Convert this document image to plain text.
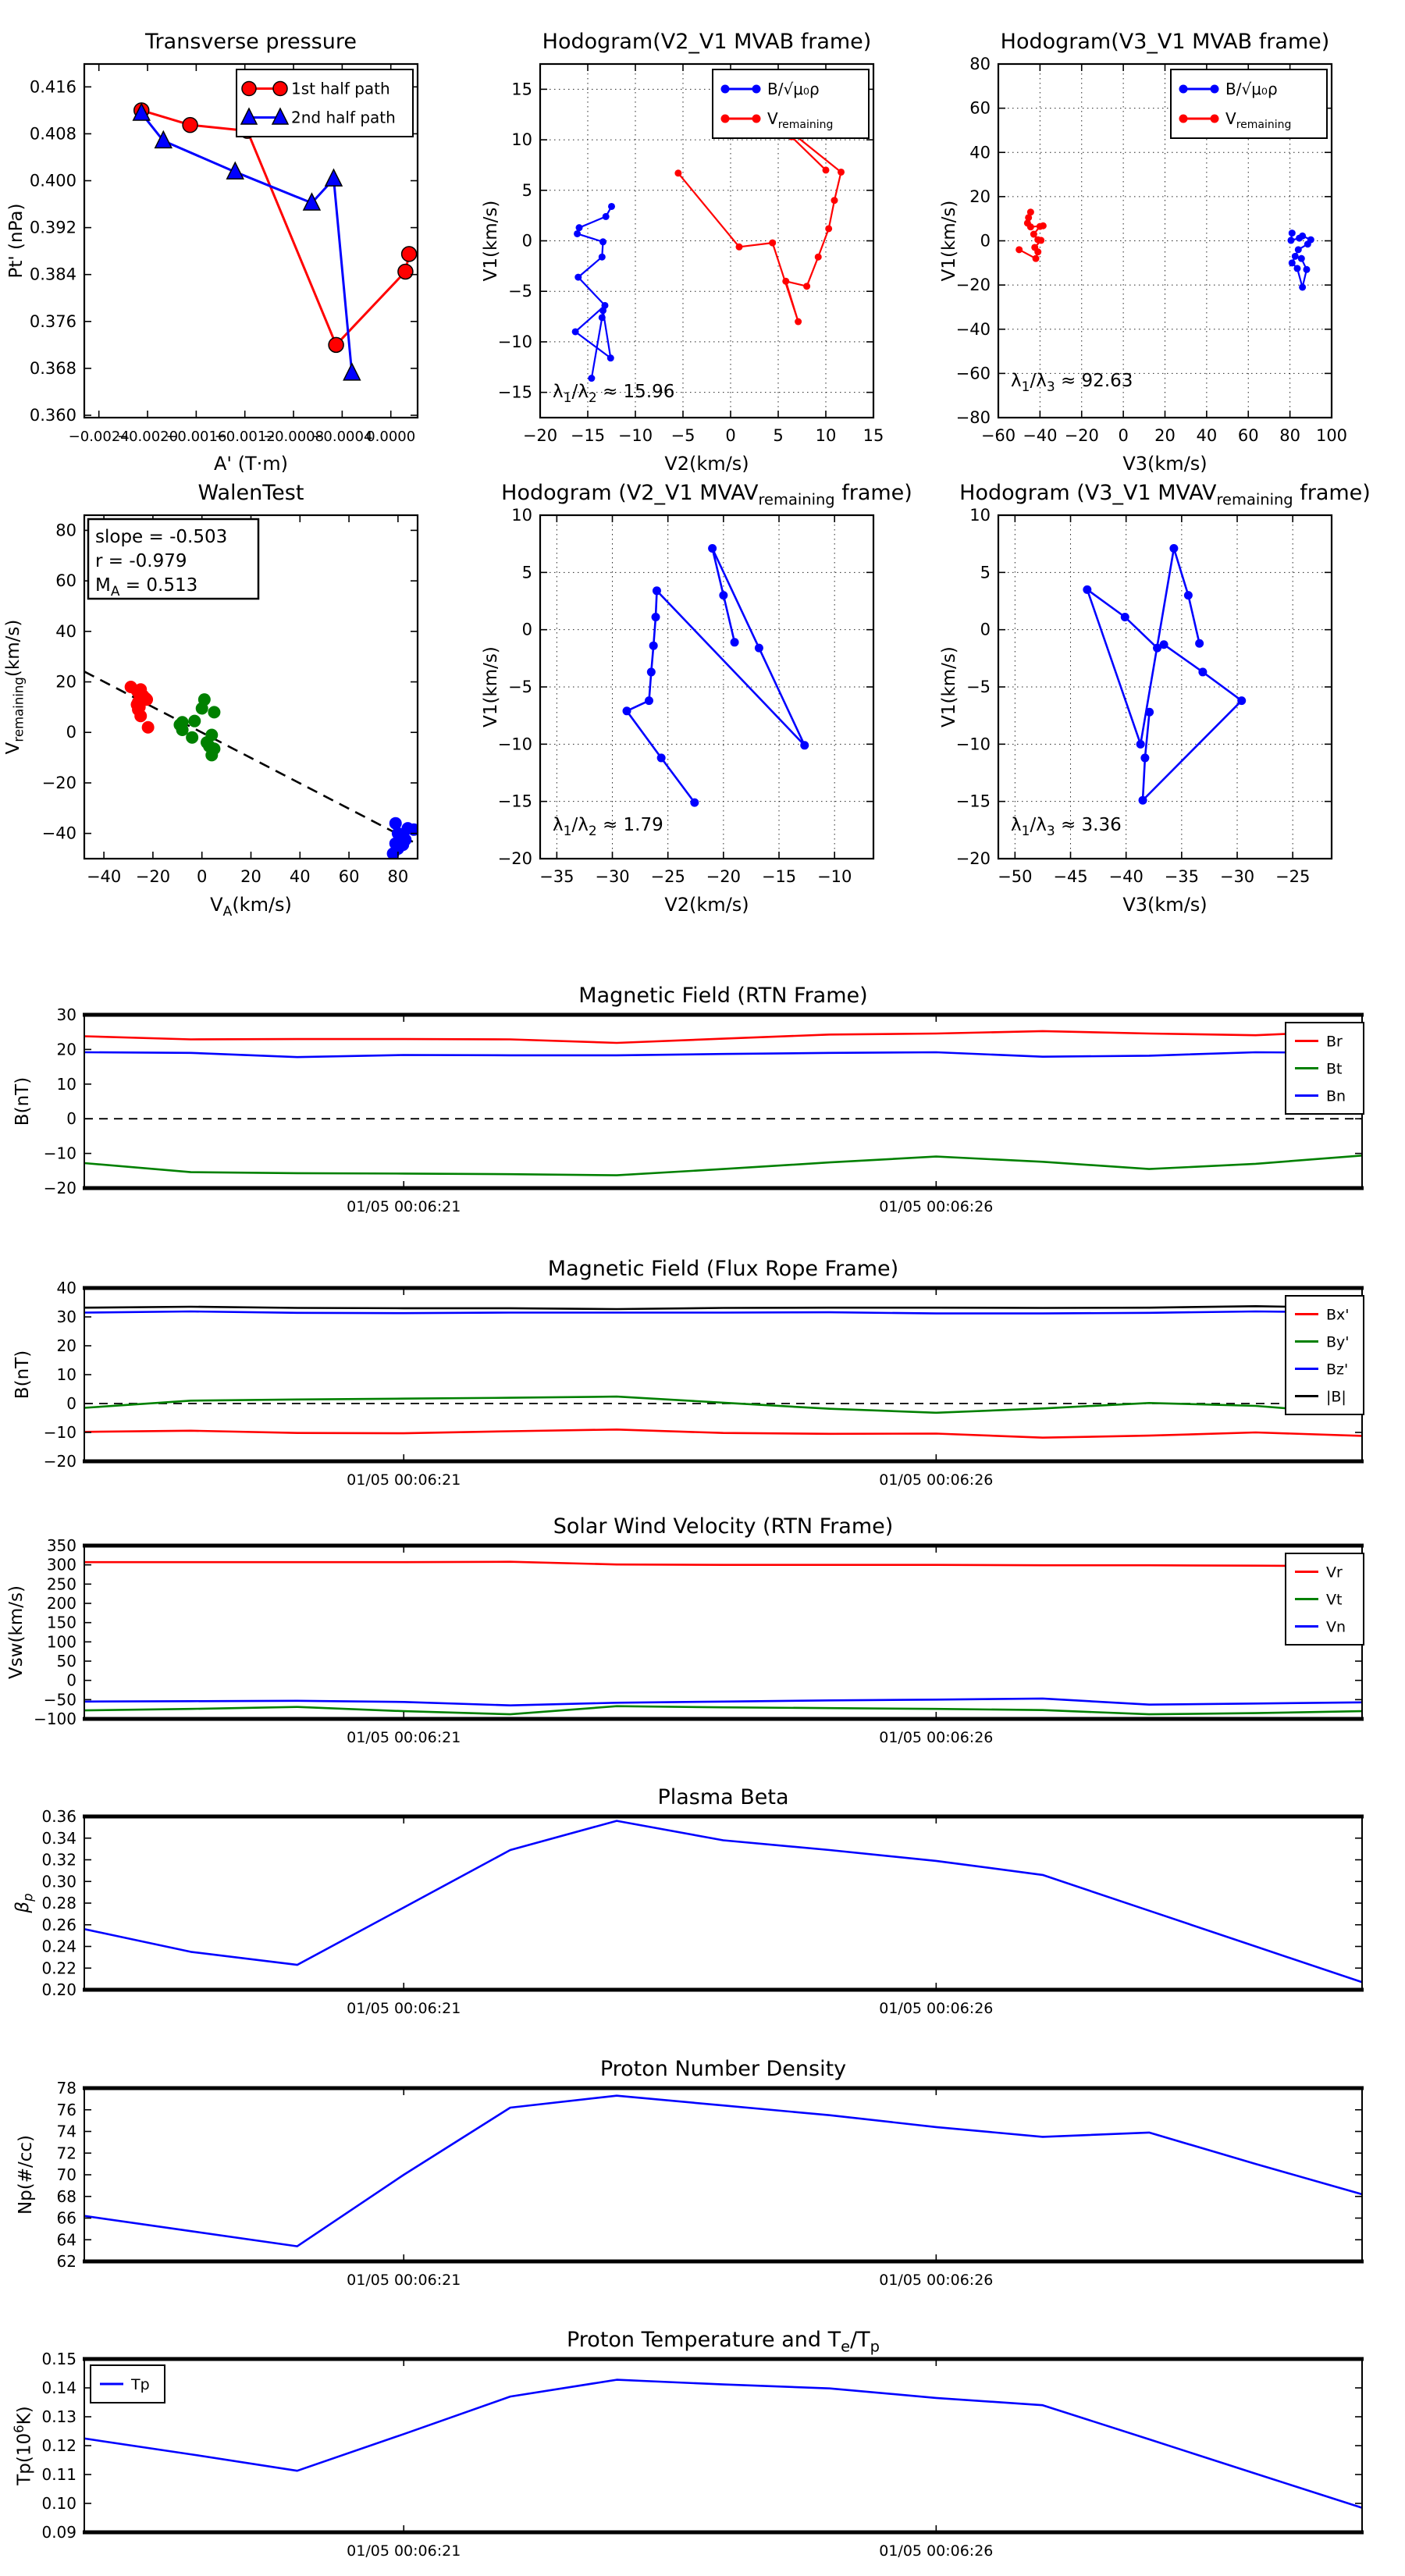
−0.0024
−0.0020
−0.0016
−0.0012
−0.0008
−0.0004
0.0000
0.360
0.368
0.376
0.384
0.392
0.400
0.408
0.416	1st half path
2nd half path
−20 −15 −10 −5 0 5 10 15
−15
−10
−5
0
5
10
15	B/√μ₀ρ
$V_{remaining}$
$\lambda_1/\lambda_2 \approx 15.96$
−60 −40 −20 0 20 40 60 80 100
−80
−60
−40
−20
0
20
40
60
80
B/√μ₀ρ
$V_{remaining}$
$\lambda_1/\lambda_3 \approx 92.63$
−40 −20 0 20 40 60 80
−40
−20
0
20
40
60
80 slope = -0.503
r = -0.979
$M_A = 0.513$
−35 −30 −25 −20 −15 −10
−20
−15
−10
−5
0
5
10
$\lambda_1/\lambda_2 \approx 1.79$
−50 −45 −40 −35 −30 −25
−20
−15
−10
−5
0
5
10
$\lambda_1/\lambda_3 \approx 3.36$
01/05 00:06:21	01/05 00:06:26
−20
−10
0
10
20
30
Br
Bt
Bn
01/05 00:06:21	01/05 00:06:26
−20
−10
0
10
20
30
40
Bx'
By'
Bz'
|B|
01/05 00:06:21	01/05 00:06:26
−100
−50
0
50
100
150
200
250
300
350
Vr
Vt
Vn
01/05 00:06:21	01/05 00:06:26
0.20
0.22
0.24
0.26
0.28
0.30
0.32
0.34
0.36
01/05 00:06:21	01/05 00:06:26
62
64
66
68
70
72
74
76
78
01/05 00:06:21	01/05 00:06:26
0.09
0.10
0.11
0.12
0.13
0.14
0.15
Tp
Transverse pressure	Hodogram(V2_V1 MVAB frame)	Hodogram(V3_V1 MVAB frame)
WalenTest	Hodogram (V2_V1 $MVAV_{remaining}$ frame)	Hodogram (V3_V1 $MVAV_{remaining}$ frame)
Magnetic Field (RTN Frame)
Magnetic Field (Flux Rope Frame)
Solar Wind Velocity (RTN Frame)
Plasma Beta
Proton Number Density
Proton Temperature and $T_e/T_p$
Pt' (nPa)	V1(km/s)	V1(km/s)
$V_{remaining}(km/s)$	V1(km/s)	V1(km/s)
B(nT)
B(nT)
Vsw(km/s)
$\beta_p$
Np(#/cc)
$Tp(10^6K)$
A' (T·m)	V2(km/s)	V3(km/s)
$V_A(km/s)$	V2(km/s)	V3(km/s)
